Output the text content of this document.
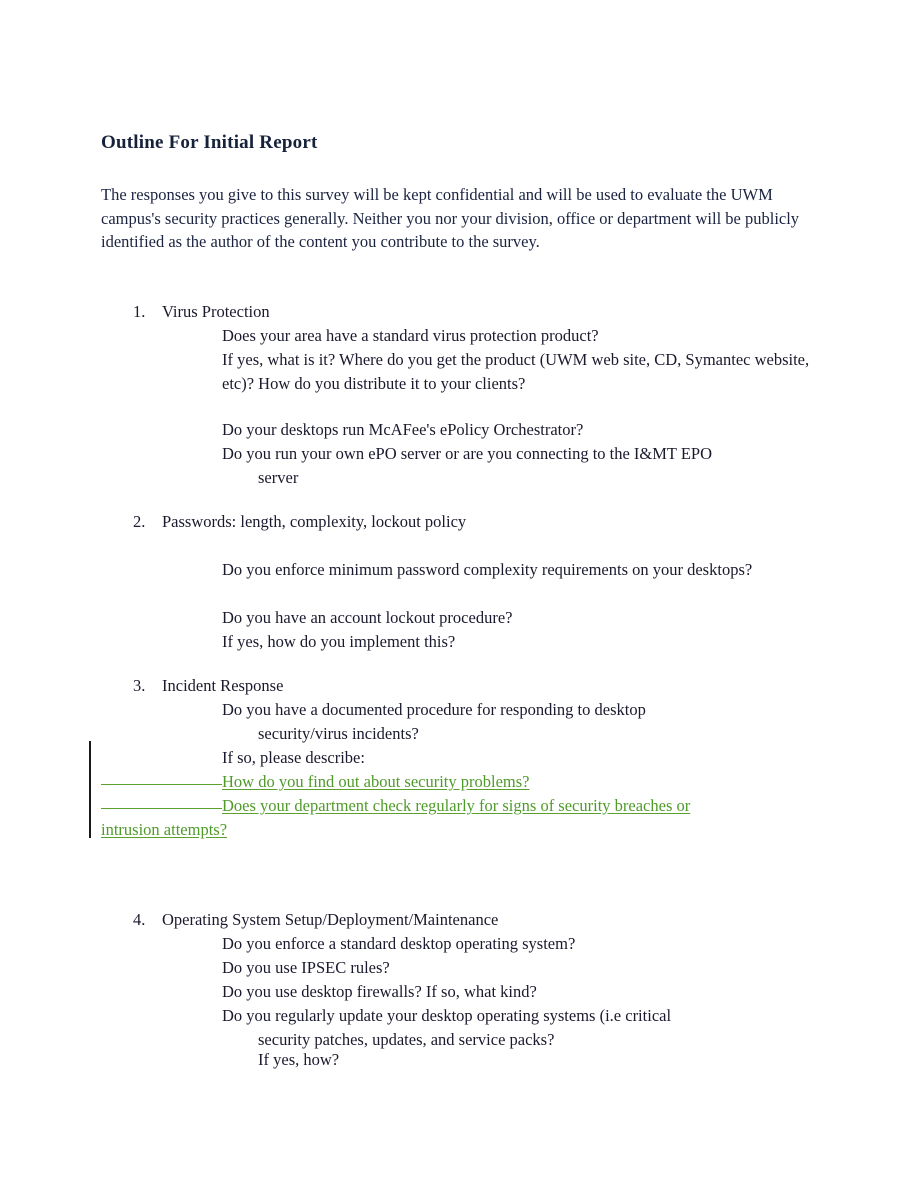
Outline For Initial Report
The responses you give to this survey will be kept confidential and will be used to evaluate the UWM campus's security practices generally. Neither you nor your division, office or department will be publicly identified as the author of the content you contribute to the survey.
1. Virus Protection
Does your area have a standard virus protection product?
If yes, what is it? Where do you get the product (UWM web site, CD, Symantec website, etc)? How do you distribute it to your clients?
Do your desktops run McAFee's ePolicy Orchestrator?
Do you run your own ePO server or are you connecting to the I&MT EPO
server
2. Passwords: length, complexity, lockout policy
Do you enforce minimum password complexity requirements on your desktops?
Do you have an account lockout procedure?
If yes, how do you implement this?
3. Incident Response
Do you have a documented procedure for responding to desktop
security/virus incidents?
If so, please describe:
How do you find out about security problems?
Does your department check regularly for signs of security breaches or
intrusion attempts?
4. Operating System Setup/Deployment/Maintenance
Do you enforce a standard desktop operating system?
Do you use IPSEC rules?
Do you use desktop firewalls? If so, what kind?
Do you regularly update your desktop operating systems (i.e critical
security patches, updates, and service packs?
If yes, how?
